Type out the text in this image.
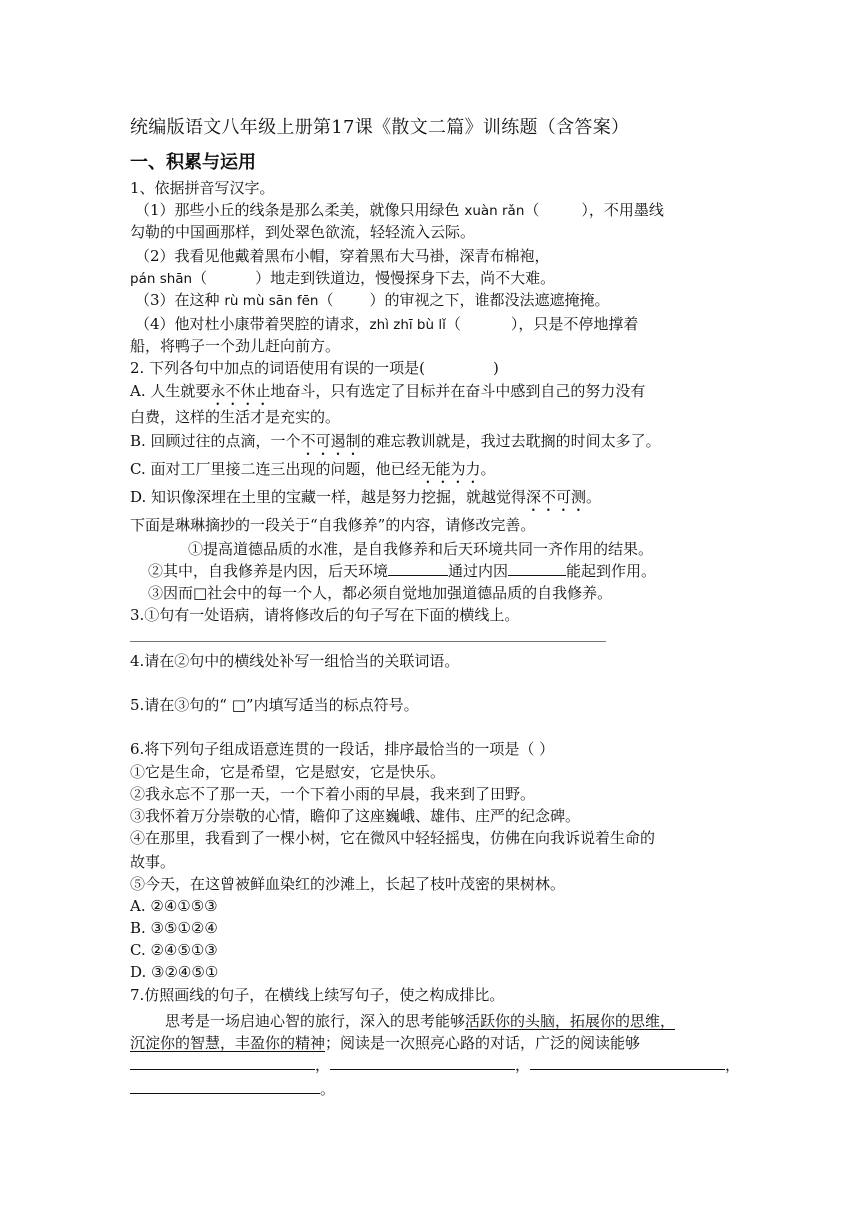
统编版语文八年级上册第17课《散文二篇》训练题（含答案）
一、积累与运用
1、依据拼音写汉字。
（1）那些小丘的线条是那么柔美，就像只用绿色 xuàn rǎn（	），不用墨线
勾勒的中国画那样，到处翠色欲流，轻轻流入云际。
（2）我看见他戴着黑布小帽，穿着黑布大马褂，深青布棉袍，
pán shān（	）地走到铁道边，慢慢探身下去，尚不大难。
（3）在这种 rù mù sān fēn（ ）的审视之下，谁都没法遮遮掩掩。
（4）他对杜小康带着哭腔的请求，zhì zhī bù lǐ（	），只是不停地撑着
船，将鸭子一个劲儿赶向前方。
2. 下列各句中加点的词语使用有误的一项是(	)
A. 人生就要永不休止地奋斗，只有选定了目标并在奋斗中感到自己的努力没有
白费，这样的生活才是充实的。
B. 回顾过往的点滴，一个不可遏制的难忘教训就是，我过去耽搁的时间太多了。
C. 面对工厂里接二连三出现的问题，他已经无能为力。
D. 知识像深埋在土里的宝藏一样，越是努力挖掘，就越觉得深不可测。
下面是琳琳摘抄的一段关于“自我修养”的内容，请修改完善。
①提高道德品质的水准，是自我修养和后天环境共同一齐作用的结果。
②其中，自我修养是内因，后天环境	通过内因	能起到作用。
③因而□社会中的每一个人，都必须自觉地加强道德品质的自我修养。
3.①句有一处语病，请将修改后的句子写在下面的横线上。
4.请在②句中的横线处补写一组恰当的关联词语。
5.请在③句的“ □”内填写适当的标点符号。
6.将下列句子组成语意连贯的一段话，排序最恰当的一项是（ ）
①它是生命，它是希望，它是慰安，它是快乐。
②我永忘不了那一天，一个下着小雨的早晨，我来到了田野。
③我怀着万分崇敬的心情，瞻仰了这座巍峨、雄伟、庄严的纪念碑。
④在那里，我看到了一棵小树，它在微风中轻轻摇曳，仿佛在向我诉说着生命的
故事。
⑤今天，在这曾被鲜血染红的沙滩上，长起了枝叶茂密的果树林。
A. ②④①⑤③
B. ③⑤①②④
C. ②④⑤①③
D. ③②④⑤①
7.仿照画线的句子，在横线上续写句子，使之构成排比。
思考是一场启迪心智的旅行，深入的思考能够活跃你的头脑，拓展你的思维，
沉淀你的智慧，丰盈你的精神；阅读是一次照亮心路的对话，广泛的阅读能够
，	，	，
。
